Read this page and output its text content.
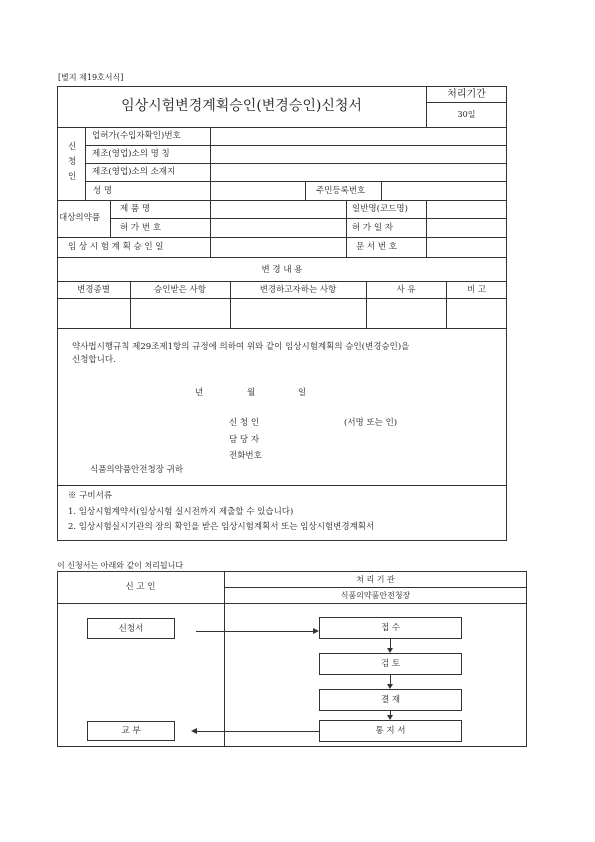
[별지 제19호서식]
임상시험변경계획승인(변경승인)신청서
처리기간
30일
신
청
인
업허가(수입자확인)번호
제조(영업)소의 명 칭
제조(영업)소의 소재지
성 명	주민등록번호
대상의약품
제 품 명	일반명(코드명)
허 가 번 호	허 가 일 자
임 상 시 험 계 획 승 인 일	문 서 번 호
변 경 내 용
변경종별	승인받은 사항	변경하고자하는 사항	사 유	비 고
약사법시행규칙 제29조제1항의 규정에 의하여 위와 같이 임상시험계획의 승인(변경승인)을
신청합니다.
년	월	일
신 청 인	(서명 또는 인)
담 당 자
전화번호
식품의약품안전청장 귀하
※ 구비서류
1. 임상시험계약서(임상시험 실시전까지 제출할 수 있습니다)
2. 임상시험실시기관의 장의 확인을 받은 임상시험계획서 또는 임상시험변경계획서
이 신청서는 아래와 같이 처리됩니다
신 고 인
처 리 기 관
식품의약품안전청장
신청서
교 부
접 수
검 토
결 재
통 지 서
